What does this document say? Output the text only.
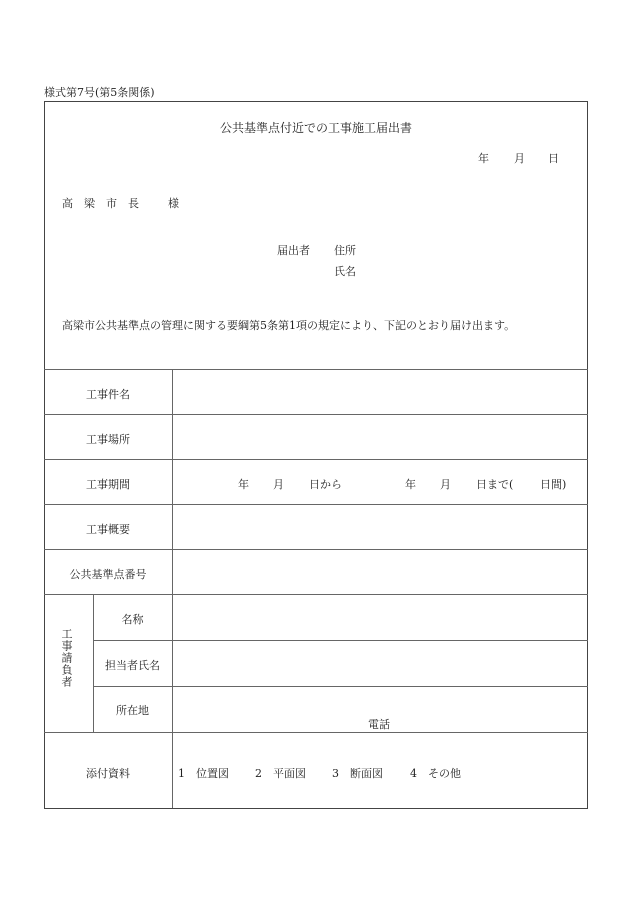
様式第7号(第5条関係)
公共基準点付近での工事施工届出書
年 月 日
高 梁 市 長	様
届出者 住所
氏名
高梁市公共基準点の管理に関する要綱第5条第1項の規定により、下記のとおり届け出ます。
工事件名
工事場所
工事期間	年 月 日から	年 月 日まで( 日間)
工事概要
公共基準点番号
工事請負者
名称
担当者氏名
所在地
電話
添付資料	1　位置図 2　平面図 3　断面図 4　その他
